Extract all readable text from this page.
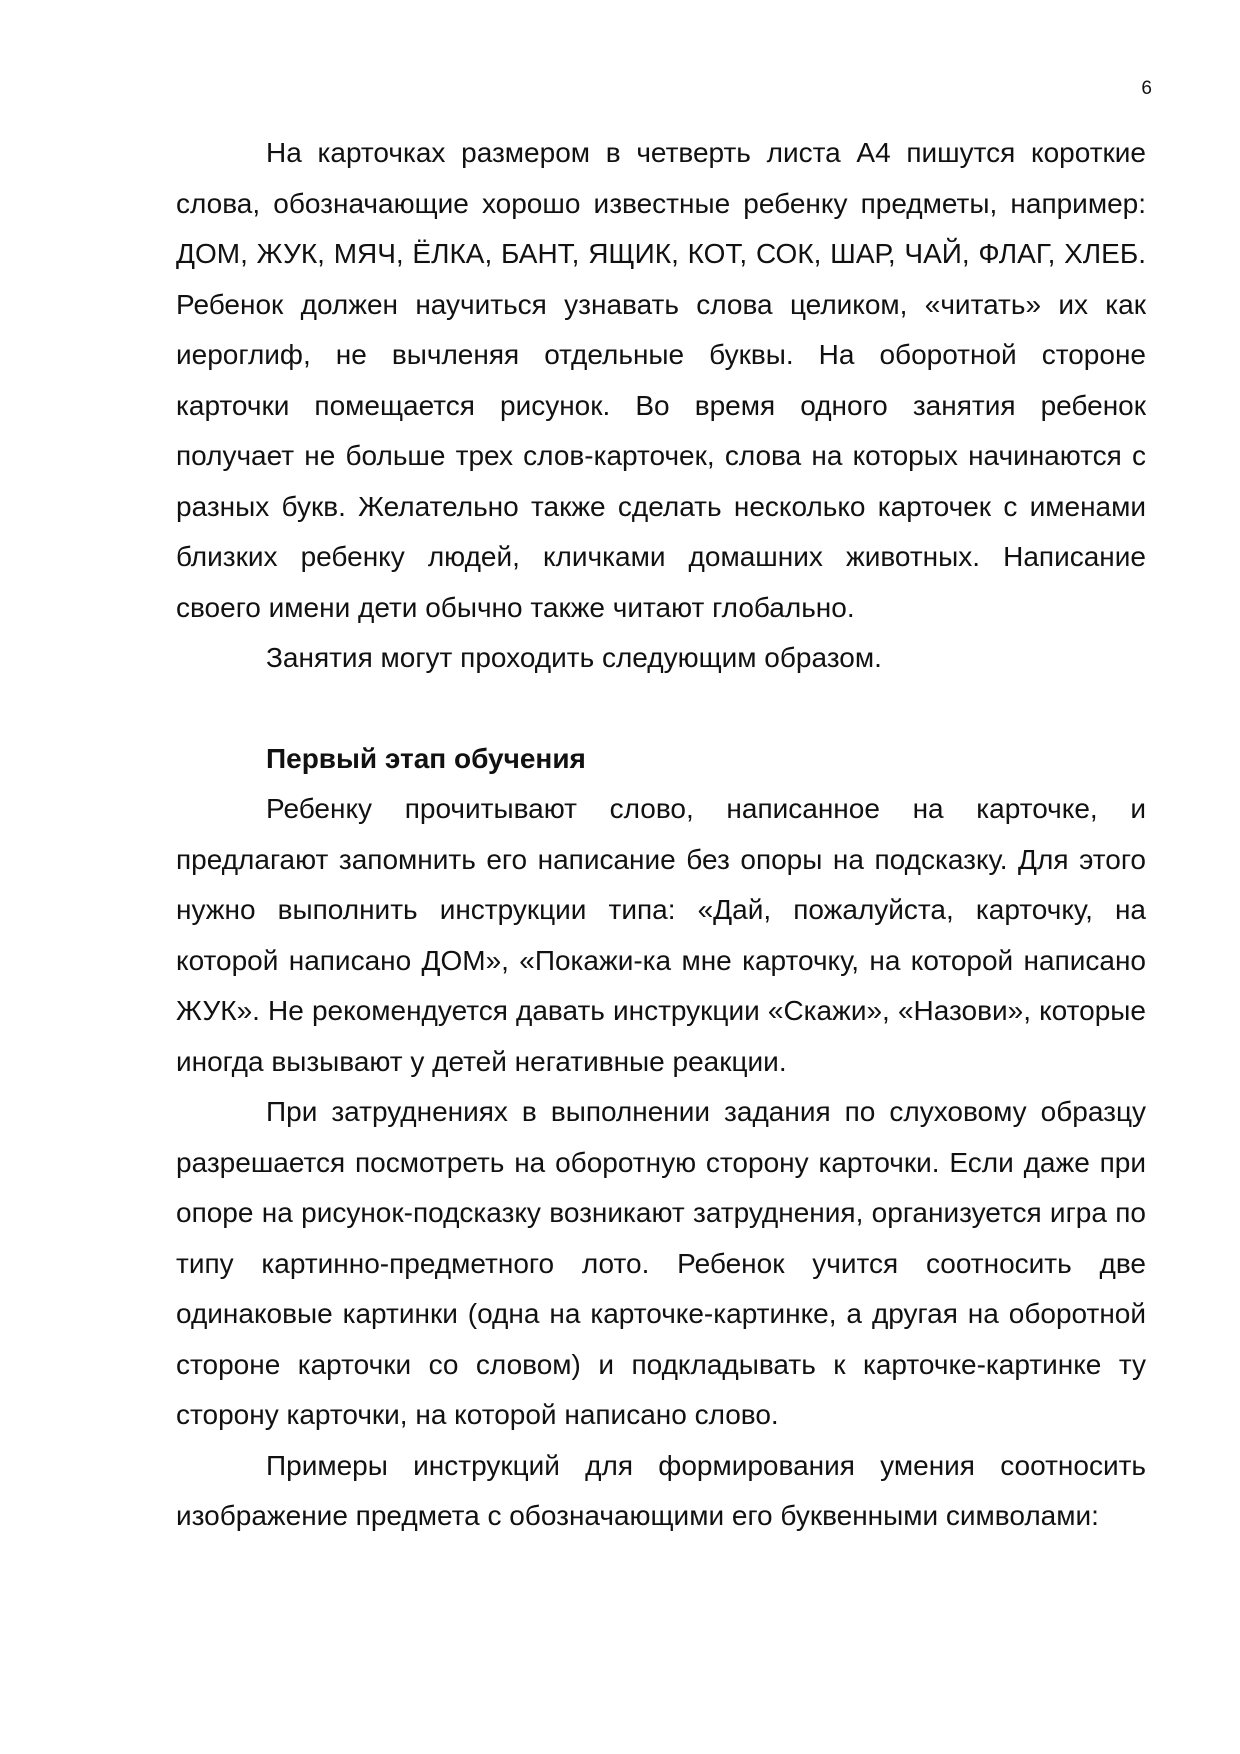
6

На карточках размером в четверть листа А4 пишутся короткие слова, обозначающие хорошо известные ребенку предметы, например: ДОМ, ЖУК, МЯЧ, ЁЛКА, БАНТ, ЯЩИК, КОТ, СОК, ШАР, ЧАЙ, ФЛАГ, ХЛЕБ. Ребенок должен научиться узнавать слова целиком, «читать» их как иероглиф, не вычленяя отдельные буквы. На оборотной стороне карточки помещается рисунок. Во время одного занятия ребенок получает не больше трех слов-карточек, слова на которых начинаются с разных букв. Желательно также сделать несколько карточек с именами близких ребенку людей, кличками домашних животных. Написание своего имени дети обычно также читают глобально.

Занятия могут проходить следующим образом.

Первый этап обучения

Ребенку прочитывают слово, написанное на карточке, и предлагают запомнить его написание без опоры на подсказку. Для этого нужно выполнить инструкции типа: «Дай, пожалуйста, карточку, на которой написано ДОМ», «Покажи-ка мне карточку, на которой написано ЖУК». Не рекомендуется давать инструкции «Скажи», «Назови», которые иногда вызывают у детей негативные реакции.

При затруднениях в выполнении задания по слуховому образцу разрешается посмотреть на оборотную сторону карточки. Если даже при опоре на рисунок-подсказку возникают затруднения, организуется игра по типу картинно-предметного лото. Ребенок учится соотносить две одинаковые картинки (одна на карточке-картинке, а другая на оборотной стороне карточки со словом) и подкладывать к карточке-картинке ту сторону карточки, на которой написано слово.

Примеры инструкций для формирования умения соотносить изображение предмета с обозначающими его буквенными символами:
